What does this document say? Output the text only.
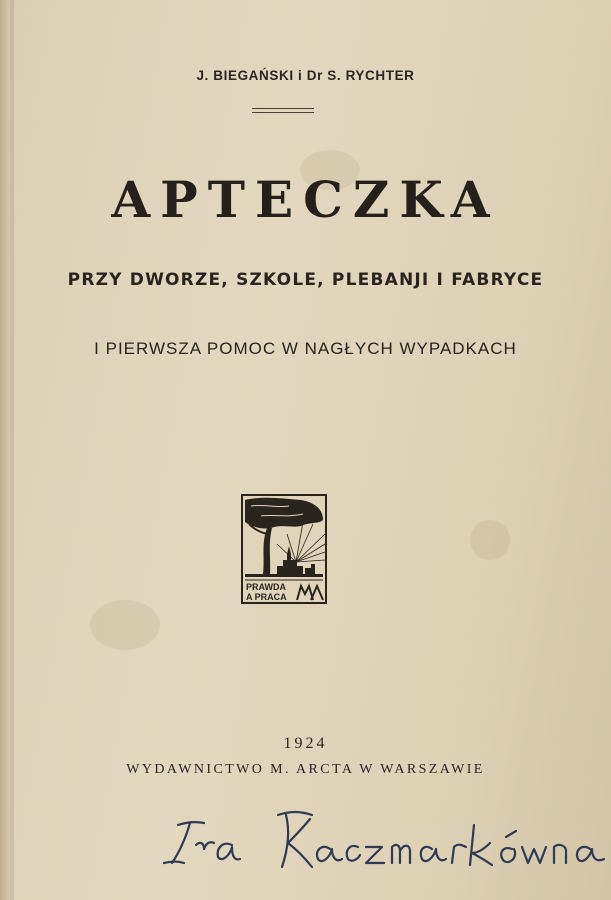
J. BIEGAŃSKI i Dr S. RYCHTER
APTECZKA
PRZY DWORZE, SZKOLE, PLEBANJI I FABRYCE
I PIERWSZA POMOC W NAGŁYCH WYPADKACH
PRAWDA
A PRACA
1924
WYDAWNICTWO M. ARCTA W WARSZAWIE
